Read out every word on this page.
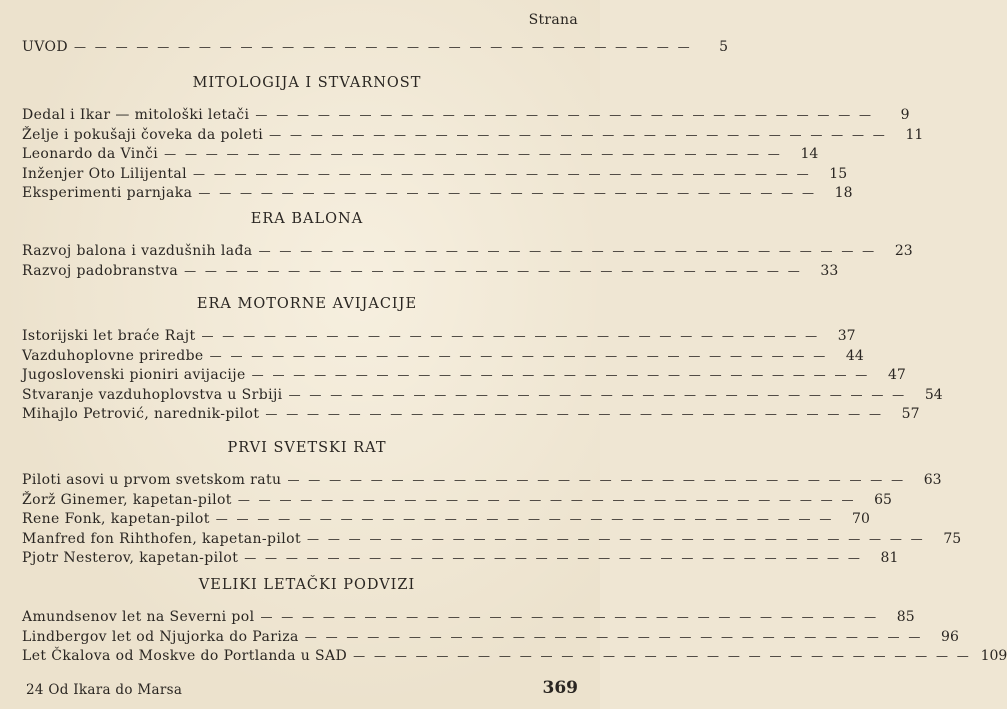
Strana
UVOD — — — — — — — — — — — — — — — — — — — — — — — — — — — — — —	5
MITOLOGIJA I STVARNOST
Dedal i Ikar — mitološki letači — — — — — — — — — — — — — — — — — — — — — — — — — — — — — —	9
Želje i pokušaji čoveka da poleti — — — — — — — — — — — — — — — — — — — — — — — — — — — — — —	11
Leonardo da Vinči — — — — — — — — — — — — — — — — — — — — — — — — — — — — — —	14
Inženjer Oto Lilijental — — — — — — — — — — — — — — — — — — — — — — — — — — — — — —	15
Eksperimenti parnjaka — — — — — — — — — — — — — — — — — — — — — — — — — — — — — —	18
ERA BALONA
Razvoj balona i vazdušnih lađa — — — — — — — — — — — — — — — — — — — — — — — — — — — — — —	23
Razvoj padobranstva — — — — — — — — — — — — — — — — — — — — — — — — — — — — — —	33
ERA MOTORNE AVIJACIJE
Istorijski let braće Rajt — — — — — — — — — — — — — — — — — — — — — — — — — — — — — —	37
Vazduhoplovne priredbe — — — — — — — — — — — — — — — — — — — — — — — — — — — — — —	44
Jugoslovenski pioniri avijacije — — — — — — — — — — — — — — — — — — — — — — — — — — — — — —	47
Stvaranje vazduhoplovstva u Srbiji — — — — — — — — — — — — — — — — — — — — — — — — — — — — — —	54
Mihajlo Petrović, narednik-pilot — — — — — — — — — — — — — — — — — — — — — — — — — — — — — —	57
PRVI SVETSKI RAT
Piloti asovi u prvom svetskom ratu — — — — — — — — — — — — — — — — — — — — — — — — — — — — — —	63
Žorž Ginemer, kapetan-pilot — — — — — — — — — — — — — — — — — — — — — — — — — — — — — —	65
Rene Fonk, kapetan-pilot — — — — — — — — — — — — — — — — — — — — — — — — — — — — — —	70
Manfred fon Rihthofen, kapetan-pilot — — — — — — — — — — — — — — — — — — — — — — — — — — — — — —	75
Pjotr Nesterov, kapetan-pilot — — — — — — — — — — — — — — — — — — — — — — — — — — — — — —	81
VELIKI LETAČKI PODVIZI
Amundsenov let na Severni pol — — — — — — — — — — — — — — — — — — — — — — — — — — — — — —	85
Lindbergov let od Njujorka do Pariza — — — — — — — — — — — — — — — — — — — — — — — — — — — — — —	96
Let Čkalova od Moskve do Portlanda u SAD — — — — — — — — — — — — — — — — — — — — — — — — — — — — — — 109
24 Od Ikara do Marsa	369
